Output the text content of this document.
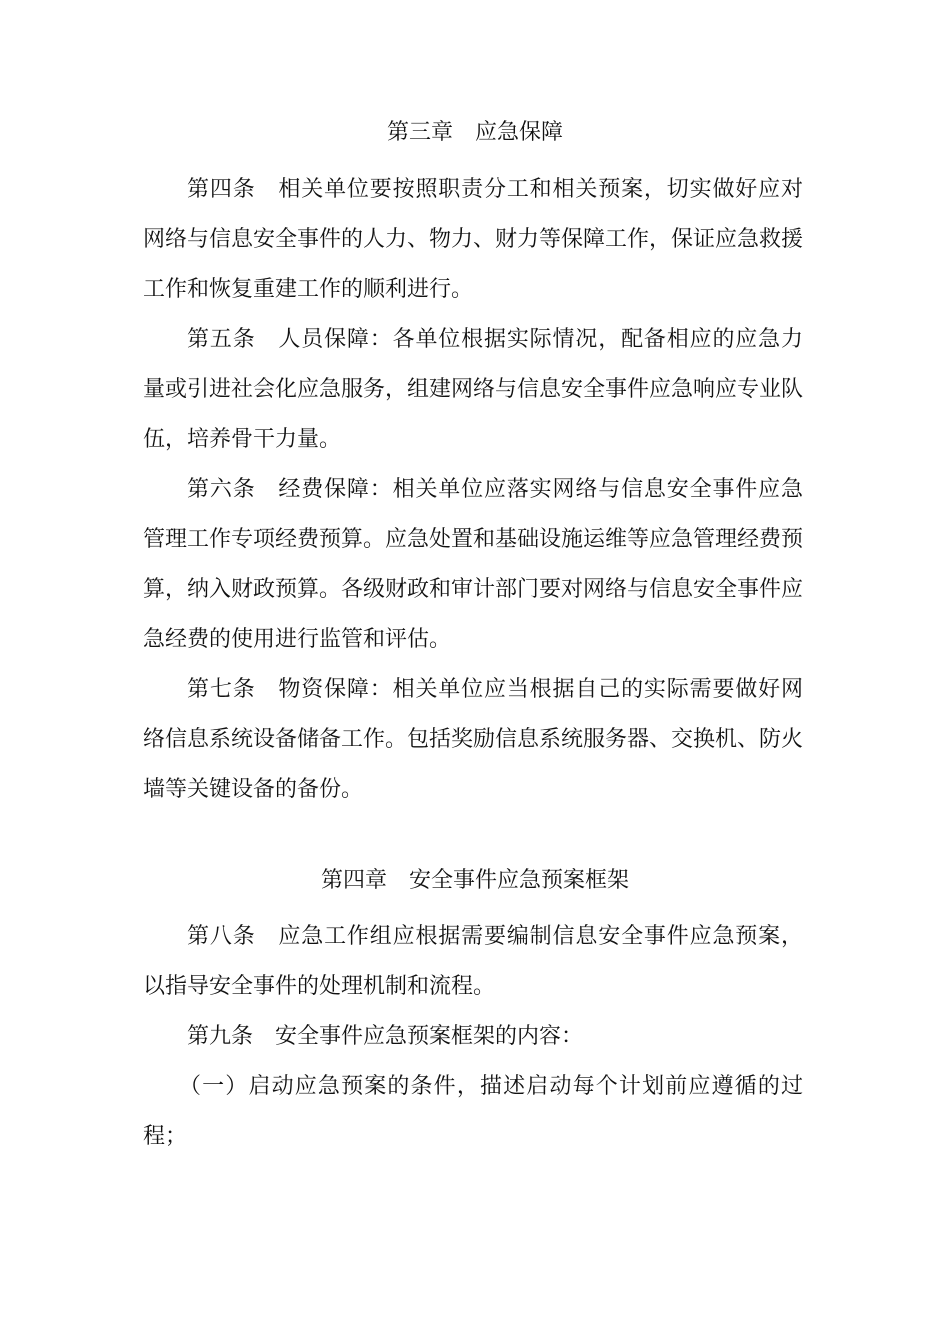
第三章　应急保障

第四条 相关单位要按照职责分工和相关预案，切实做好应对网络与信息安全事件的人力、物力、财力等保障工作，保证应急救援工作和恢复重建工作的顺利进行。

第五条 人员保障：各单位根据实际情况，配备相应的应急力量或引进社会化应急服务，组建网络与信息安全事件应急响应专业队伍，培养骨干力量。

第六条 经费保障：相关单位应落实网络与信息安全事件应急管理工作专项经费预算。应急处置和基础设施运维等应急管理经费预算，纳入财政预算。各级财政和审计部门要对网络与信息安全事件应急经费的使用进行监管和评估。

第七条 物资保障：相关单位应当根据自己的实际需要做好网络信息系统设备储备工作。包括奖励信息系统服务器、交换机、防火墙等关键设备的备份。

第四章　安全事件应急预案框架

第八条 应急工作组应根据需要编制信息安全事件应急预案，以指导安全事件的处理机制和流程。

第九条 安全事件应急预案框架的内容：

（一）启动应急预案的条件，描述启动每个计划前应遵循的过程；
